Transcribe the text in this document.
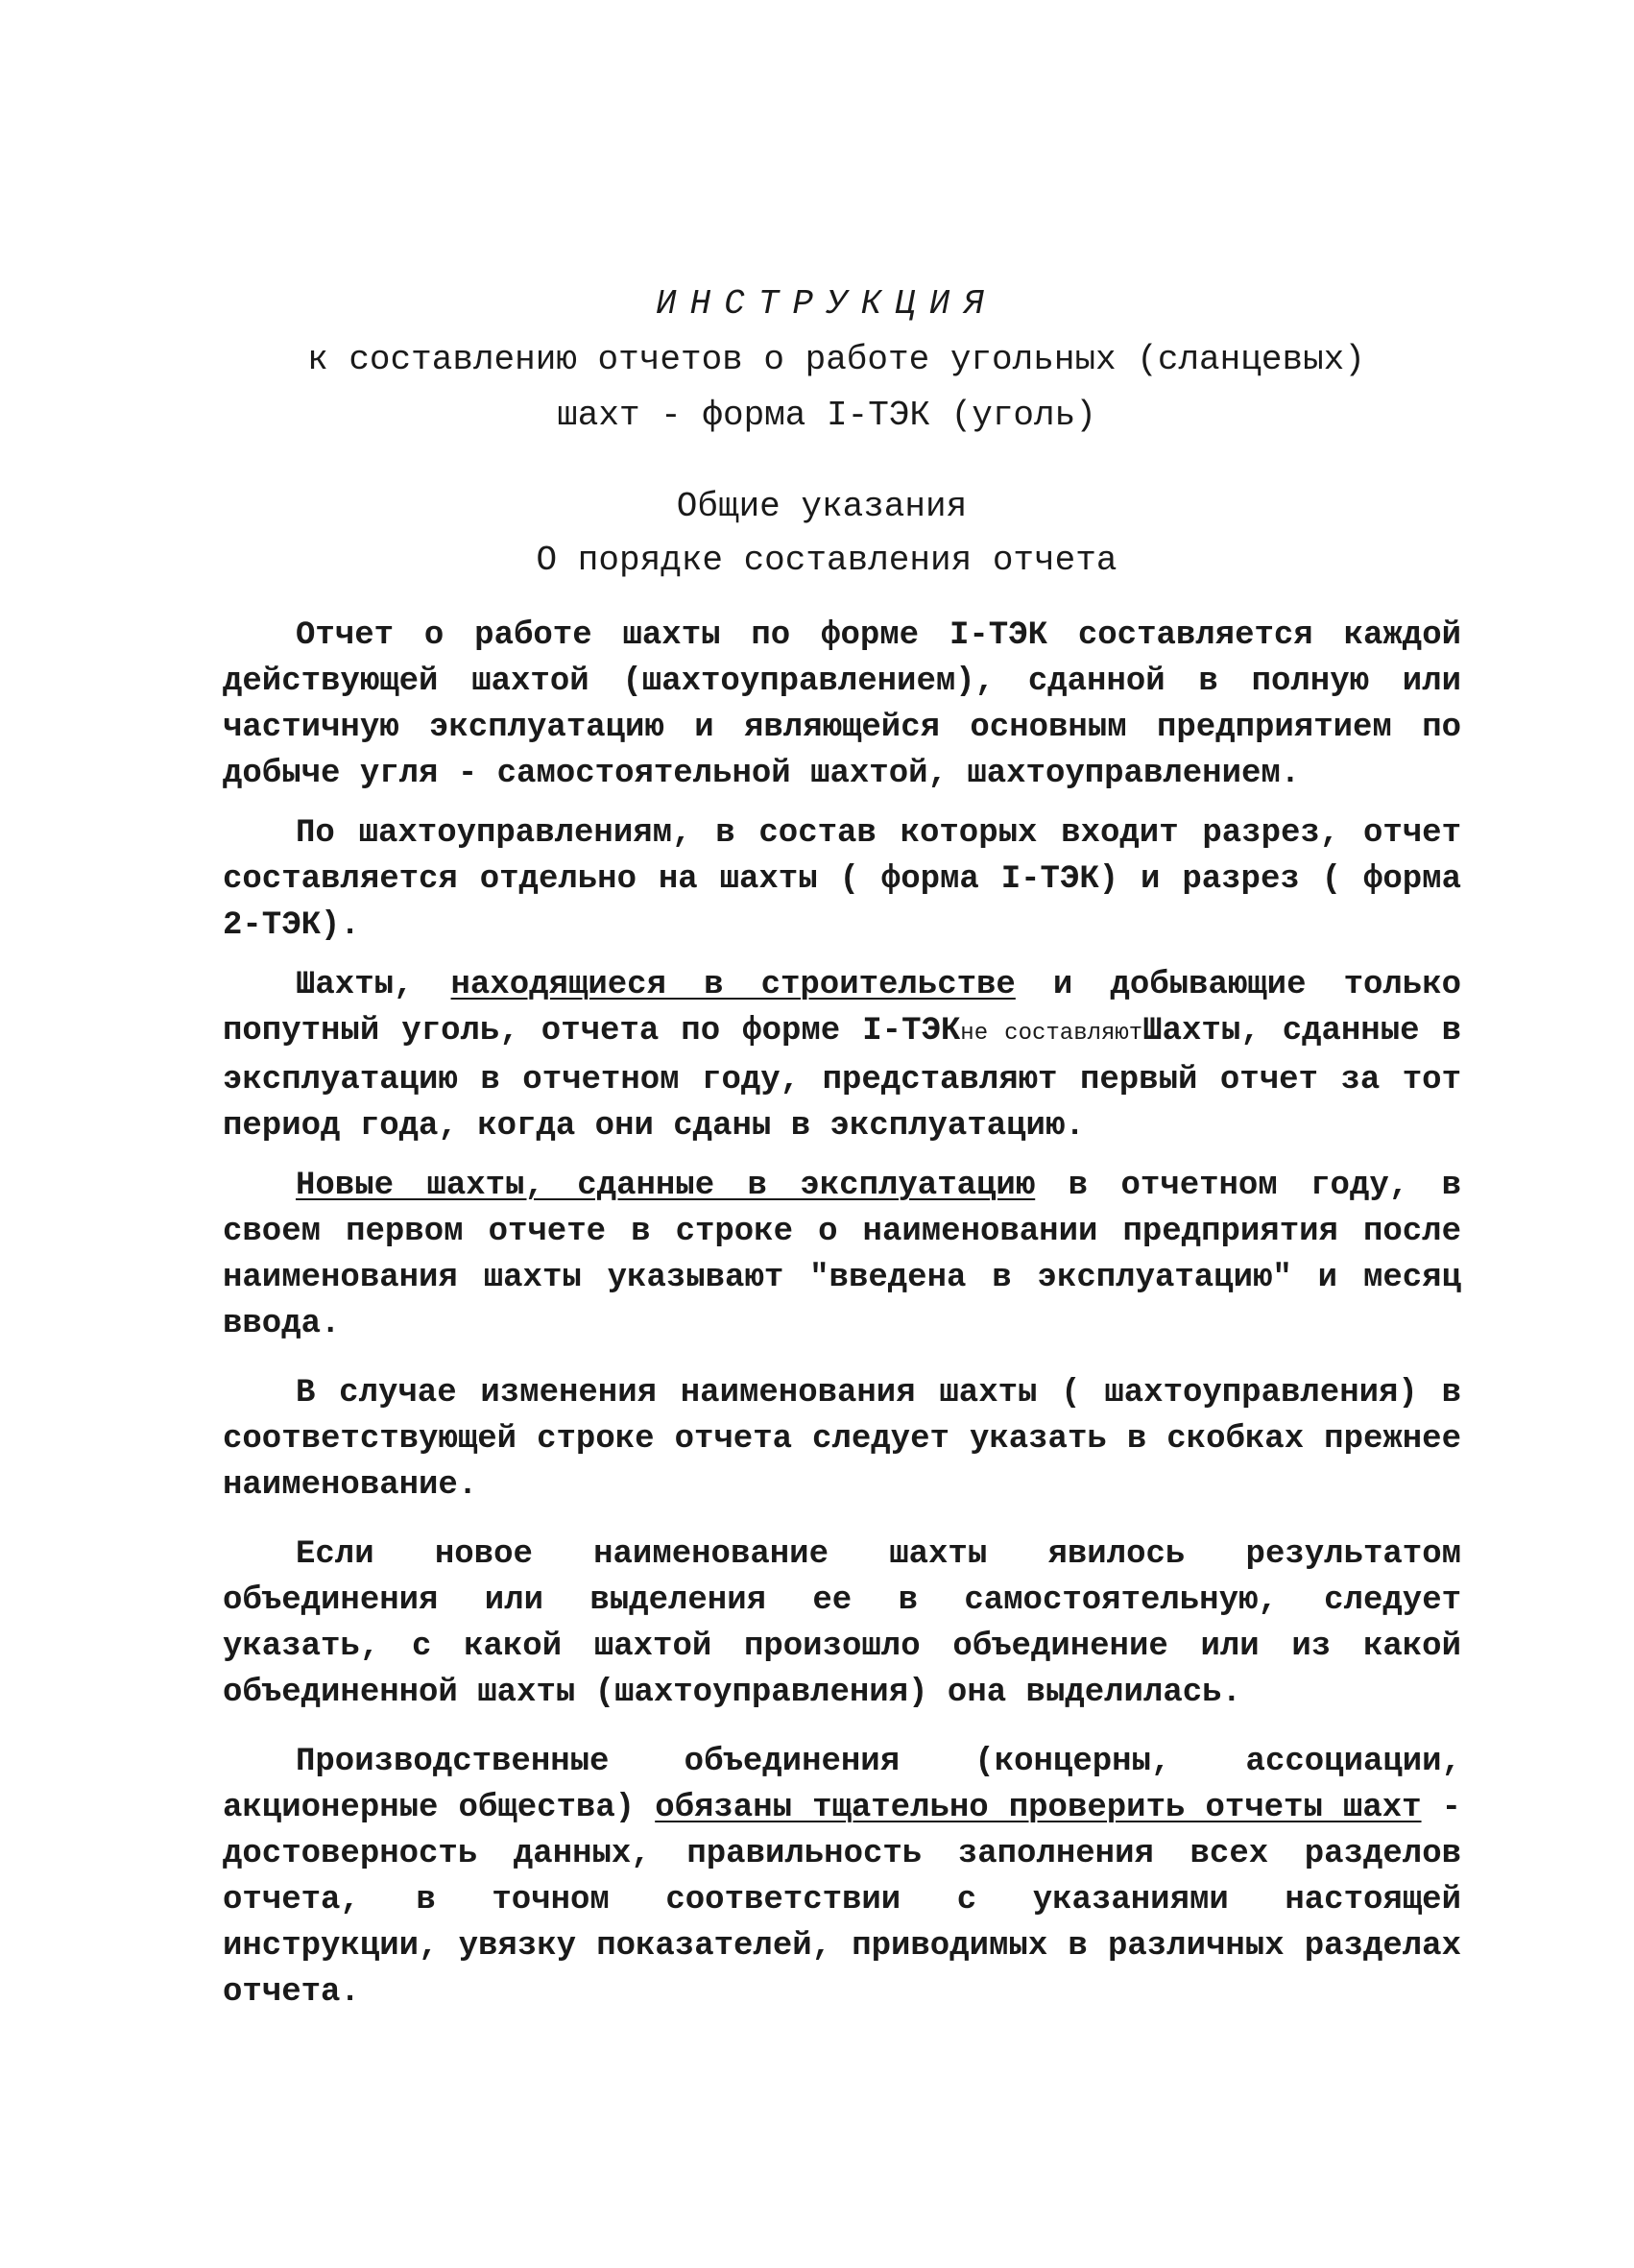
ИНСТРУКЦИЯ
к составлению отчетов о работе угольных (сланцевых)
шахт - форма I-ТЭК (уголь)
Общие указания
О порядке составления отчета

Отчет о работе шахты по форме I-ТЭК составляется каждой действующей шахтой (шахтоуправлением), сданной в полную или частичную эксплуатацию и являющейся основным предприятием по добыче угля - самостоятельной шахтой, шахтоуправлением.

По шахтоуправлениям, в состав которых входит разрез, отчет составляется отдельно на шахты ( форма I-ТЭК) и разрез ( форма 2-ТЭК).

Шахты, находящиеся в строительстве и добывающие только попутный уголь, отчета по форме I-ТЭКне составляютШахты, сданные в эксплуатацию в отчетном году, представляют первый отчет за тот период года, когда они сданы в эксплуатацию.

Новые шахты, сданные в эксплуатацию в отчетном году, в своем первом отчете в строке о наименовании предприятия после наименования шахты указывают "введена в эксплуатацию" и месяц ввода.

В случае изменения наименования шахты ( шахтоуправления) в соответствующей строке отчета следует указать в скобках прежнее наименование.

Если новое наименование шахты явилось результатом объединения или выделения ее в самостоятельную, следует указать, с какой шахтой произошло объединение или из какой объединенной шахты (шахтоуправления) она выделилась.

Производственные объединения (концерны, ассоциации, акционерные общества) обязаны тщательно проверить отчеты шахт - достоверность данных, правильность заполнения всех разделов отчета, в точном соответствии с указаниями настоящей инструкции, увязку показателей, приводимых в различных разделах отчета.
